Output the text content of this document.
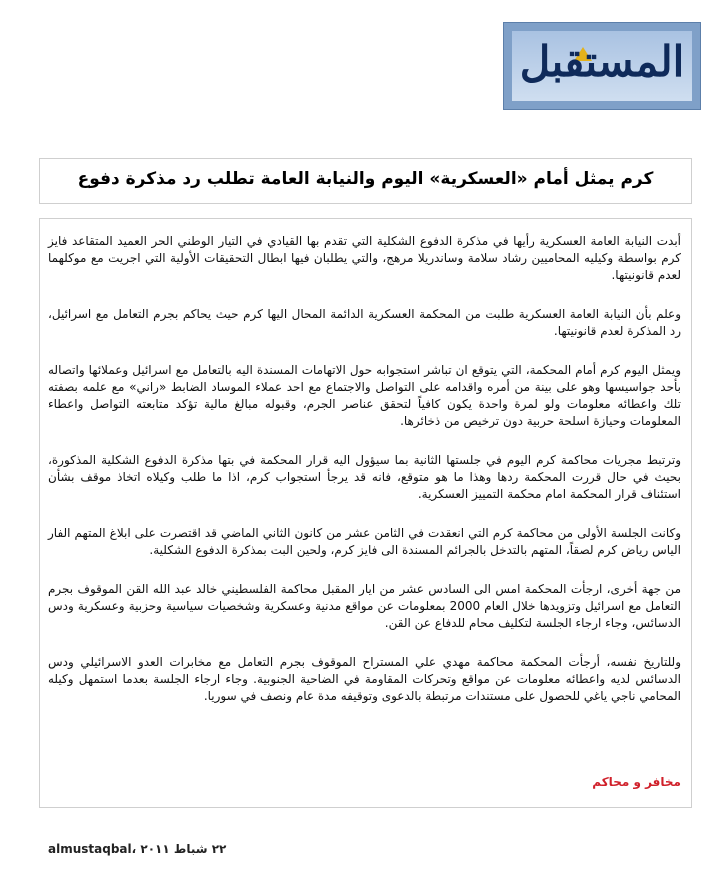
المستقبل
كرم يمثل أمام «العسكرية» اليوم والنيابة العامة تطلب رد مذكرة دفوع

أبدت النيابة العامة العسكرية رأيها في مذكرة الدفوع الشكلية التي تقدم بها القيادي في التيار الوطني الحر العميد المتقاعد فايز كرم بواسطة وكيليه المحاميين رشاد سلامة وساندريلا مرهج، والتي يطلبان فيها ابطال التحقيقات الأولية التي اجريت مع موكلهما لعدم قانونيتها.

وعلم بأن النيابة العامة العسكرية طلبت من المحكمة العسكرية الدائمة المحال اليها كرم حيث يحاكم بجرم التعامل مع اسرائيل، رد المذكرة لعدم قانونيتها.

ويمثل اليوم كرم أمام المحكمة، التي يتوقع ان تباشر استجوابه حول الاتهامات المسندة اليه بالتعامل مع اسرائيل وعملائها واتصاله بأحد جواسيسها وهو على بينة من أمره واقدامه على التواصل والاجتماع مع احد عملاء الموساد الضابط «راني» مع علمه بصفته تلك واعطائه معلومات ولو لمرة واحدة يكون كافياً لتحقق عناصر الجرم، وقبوله مبالغ مالية تؤكد متابعته التواصل واعطاء المعلومات وحيازة اسلحة حربية دون ترخيص من ذخائرها.

وترتبط مجريات محاكمة كرم اليوم في جلستها الثانية بما سيؤول اليه قرار المحكمة في بتها مذكرة الدفوع الشكلية المذكورة، بحيث في حال قررت المحكمة ردها وهذا ما هو متوقع، فانه قد يرجأ استجواب كرم، اذا ما طلب وكيلاه اتخاذ موقف بشأن استئناف قرار المحكمة امام محكمة التمييز العسكرية.

وكانت الجلسة الأولى من محاكمة كرم التي انعقدت في الثامن عشر من كانون الثاني الماضي قد اقتصرت على ابلاغ المتهم الفار الياس رياض كرم لصقاً، المتهم بالتدخل بالجرائم المسندة الى فايز كرم، ولحين البت بمذكرة الدفوع الشكلية.

من جهة أخرى، ارجأت المحكمة امس الى السادس عشر من ايار المقبل محاكمة الفلسطيني خالد عبد الله القن الموقوف بجرم التعامل مع اسرائيل وتزويدها خلال العام 2000 بمعلومات عن مواقع مدنية وعسكرية وشخصيات سياسية وحزبية وعسكرية ودس الدسائس، وجاء ارجاء الجلسة لتكليف محام للدفاع عن القن.

وللتاريخ نفسه، أرجأت المحكمة محاكمة مهدي علي المستراح الموقوف بجرم التعامل مع مخابرات العدو الاسرائيلي ودس الدسائس لديه واعطائه معلومات عن مواقع وتحركات المقاومة في الضاحية الجنوبية. وجاء ارجاء الجلسة بعدما استمهل وكيله المحامي ناجي ياغي للحصول على مستندات مرتبطة بالدعوى وتوقيفه مدة عام ونصف في سوريا.

مخافر و محاكم
almustaqbal، ٢٢ شباط ٢٠١١
